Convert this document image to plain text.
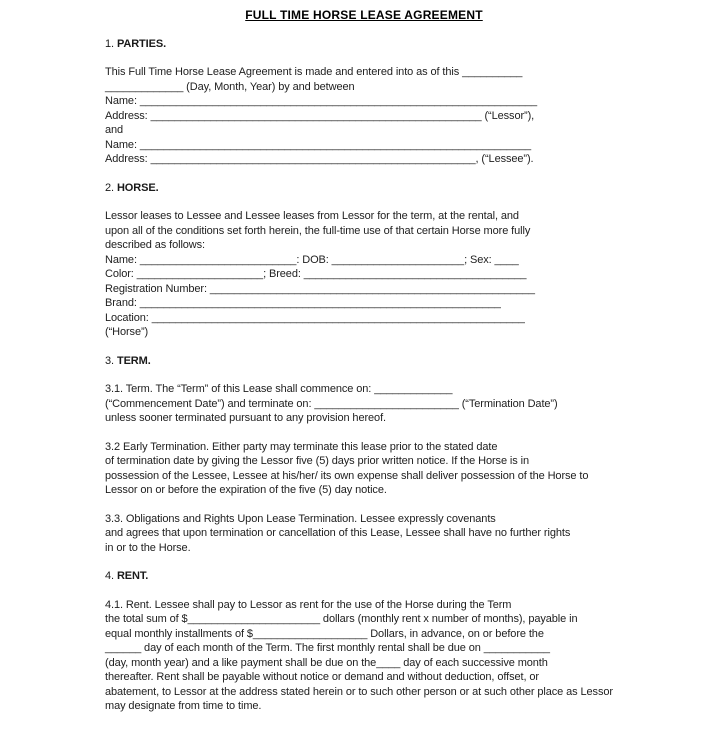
FULL TIME HORSE LEASE AGREEMENT
1. PARTIES.
This Full Time Horse Lease Agreement is made and entered into as of this __________
_____________ (Day, Month, Year) by and between
Name: __________________________________________________________________
Address: _______________________________________________________ (“Lessor”),
and
Name: _________________________________________________________________
Address: ______________________________________________________, (“Lessee”).
2. HORSE.
Lessor leases to Lessee and Lessee leases from Lessor for the term, at the rental, and
upon all of the conditions set forth herein, the full-time use of that certain Horse more fully
described as follows:
Name: __________________________: DOB: ______________________; Sex: ____
Color: _____________________; Breed: _____________________________________
Registration Number: ______________________________________________________
Brand: ____________________________________________________________
Location: ______________________________________________________________
(“Horse”)
3. TERM.
3.1. Term. The “Term” of this Lease shall commence on: _____________
(“Commencement Date”) and terminate on: ________________________ (“Termination Date”)
unless sooner terminated pursuant to any provision hereof.
3.2 Early Termination. Either party may terminate this lease prior to the stated date
of termination date by giving the Lessor five (5) days prior written notice. If the Horse is in
possession of the Lessee, Lessee at his/her/ its own expense shall deliver possession of the Horse to
Lessor on or before the expiration of the five (5) day notice.
3.3. Obligations and Rights Upon Lease Termination. Lessee expressly covenants
and agrees that upon termination or cancellation of this Lease, Lessee shall have no further rights
in or to the Horse.
4. RENT.
4.1. Rent. Lessee shall pay to Lessor as rent for the use of the Horse during the Term
the total sum of $______________________ dollars (monthly rent x number of months), payable in
equal monthly installments of $___________________ Dollars, in advance, on or before the
______ day of each month of the Term. The first monthly rental shall be due on ___________
(day, month year) and a like payment shall be due on the____ day of each successive month
thereafter. Rent shall be payable without notice or demand and without deduction, offset, or
abatement, to Lessor at the address stated herein or to such other person or at such other place as Lessor
may designate from time to time.
